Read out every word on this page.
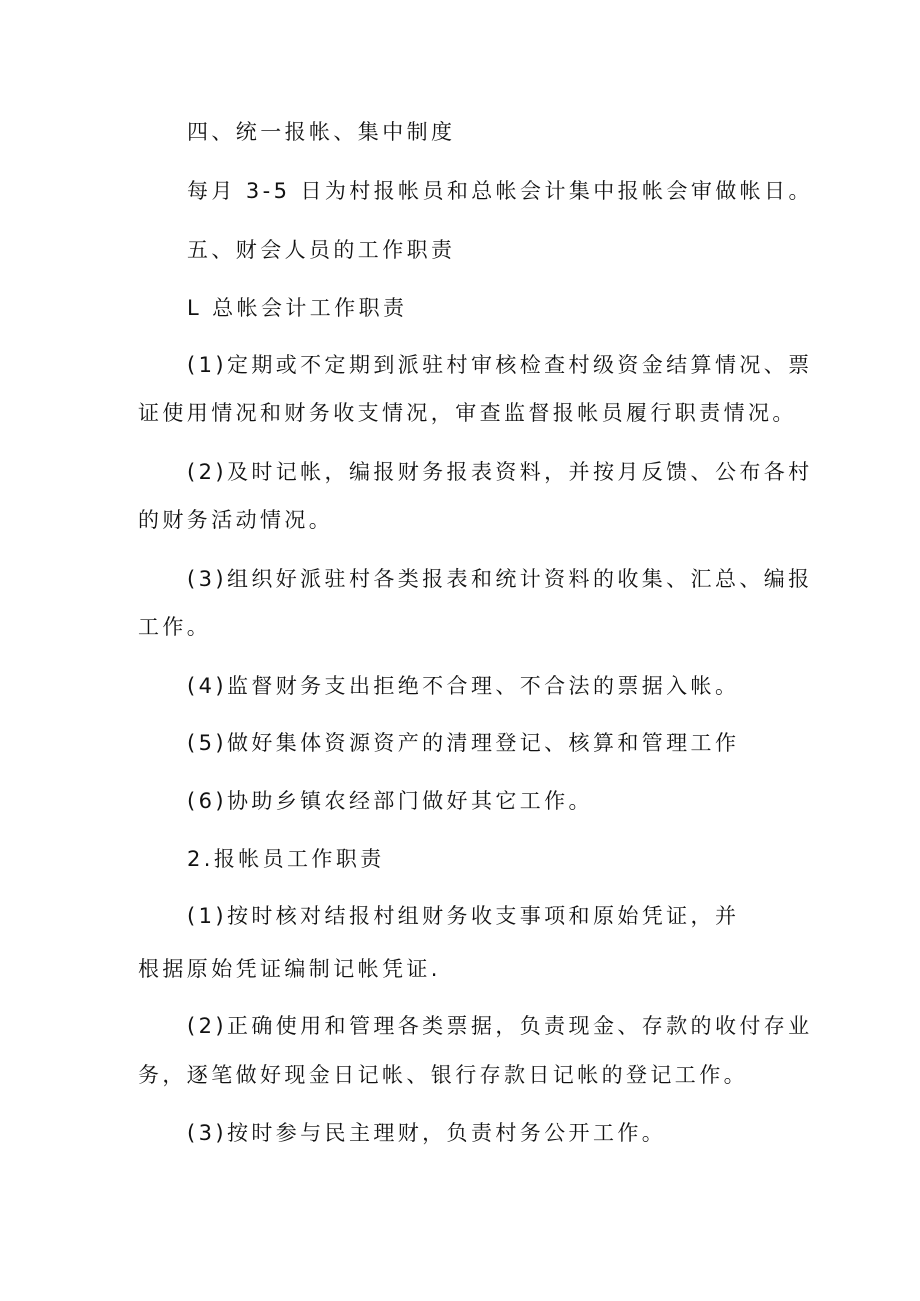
四、统一报帐、集中制度
每月 3-5 日为村报帐员和总帐会计集中报帐会审做帐日。
五、财会人员的工作职责
L 总帐会计工作职责
(1)定期或不定期到派驻村审核检查村级资金结算情况、票
证使用情况和财务收支情况，审查监督报帐员履行职责情况。
(2)及时记帐，编报财务报表资料，并按月反馈、公布各村
的财务活动情况。
(3)组织好派驻村各类报表和统计资料的收集、汇总、编报
工作。
(4)监督财务支出拒绝不合理、不合法的票据入帐。
(5)做好集体资源资产的清理登记、核算和管理工作
(6)协助乡镇农经部门做好其它工作。
2.报帐员工作职责
(1)按时核对结报村组财务收支事项和原始凭证，并
根据原始凭证编制记帐凭证.
(2)正确使用和管理各类票据，负责现金、存款的收付存业
务，逐笔做好现金日记帐、银行存款日记帐的登记工作。
(3)按时参与民主理财，负责村务公开工作。
